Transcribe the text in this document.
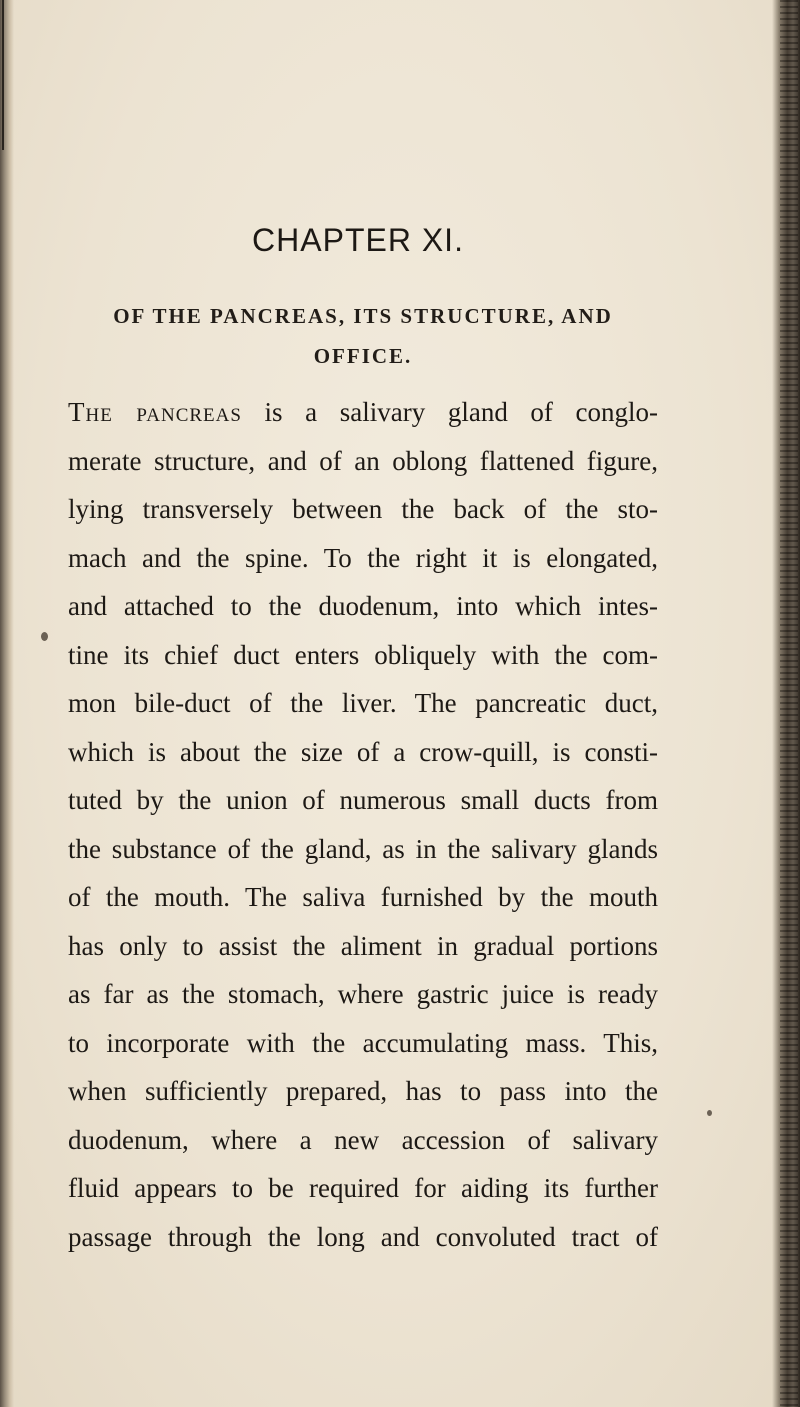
CHAPTER XI.
OF THE PANCREAS, ITS STRUCTURE, AND
OFFICE.
The pancreas is a salivary gland of conglo-
merate structure, and of an oblong flattened figure,
lying transversely between the back of the sto-
mach and the spine. To the right it is elongated,
and attached to the duodenum, into which intes-
tine its chief duct enters obliquely with the com-
mon bile-duct of the liver. The pancreatic duct,
which is about the size of a crow-quill, is consti-
tuted by the union of numerous small ducts from
the substance of the gland, as in the salivary glands
of the mouth. The saliva furnished by the mouth
has only to assist the aliment in gradual portions
as far as the stomach, where gastric juice is ready
to incorporate with the accumulating mass. This,
when sufficiently prepared, has to pass into the
duodenum, where a new accession of salivary
fluid appears to be required for aiding its further
passage through the long and convoluted tract of
